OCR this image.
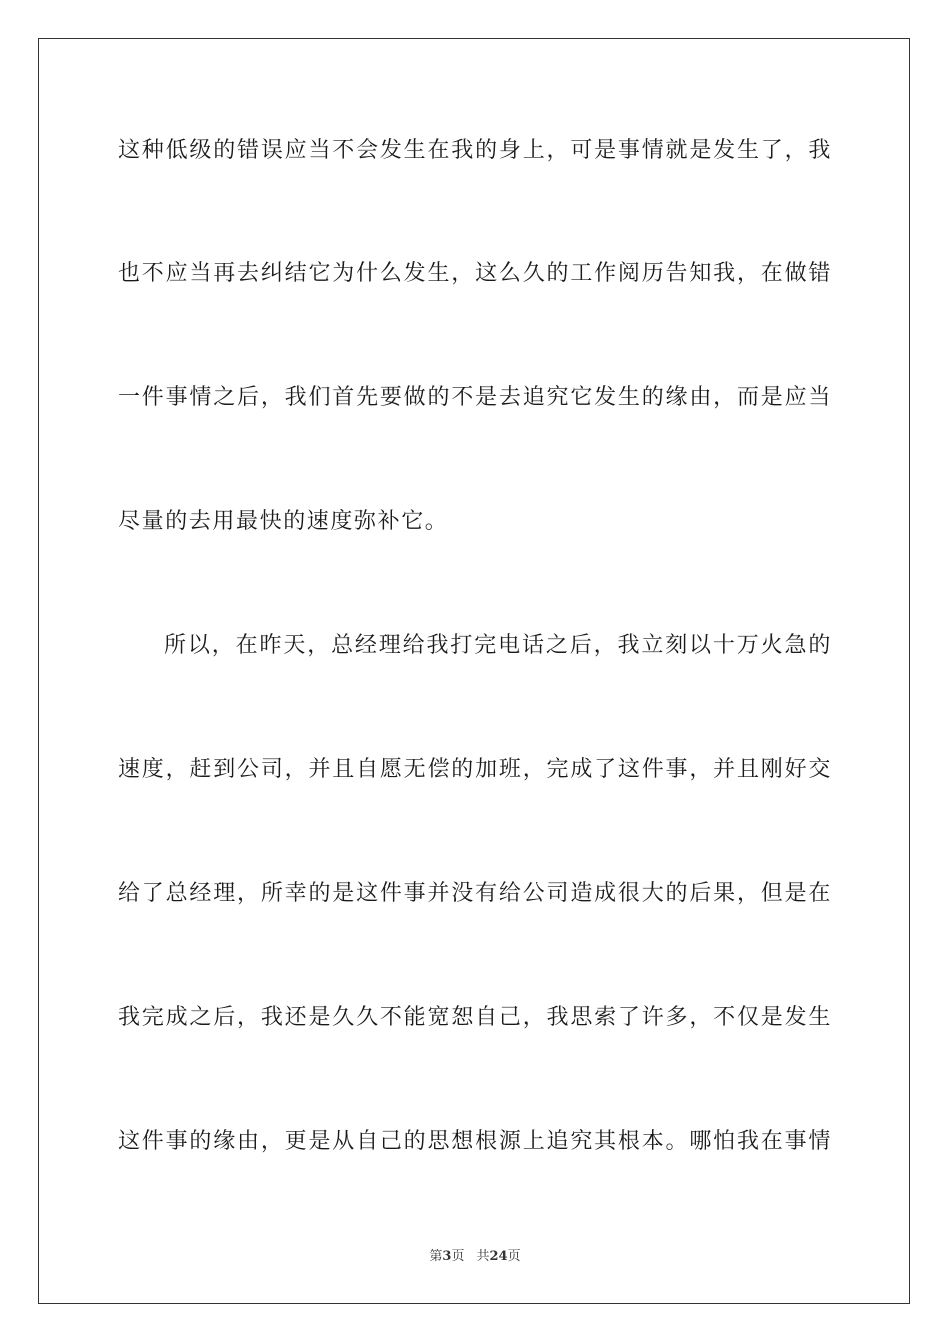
这种低级的错误应当不会发生在我的身上，可是事情就是发生了，我
也不应当再去纠结它为什么发生，这么久的工作阅历告知我，在做错
一件事情之后，我们首先要做的不是去追究它发生的缘由，而是应当
尽量的去用最快的速度弥补它。
所以，在昨天，总经理给我打完电话之后，我立刻以十万火急的
速度，赶到公司，并且自愿无偿的加班，完成了这件事，并且刚好交
给了总经理，所幸的是这件事并没有给公司造成很大的后果，但是在
我完成之后，我还是久久不能宽恕自己，我思索了许多，不仅是发生
这件事的缘由，更是从自己的思想根源上追究其根本。哪怕我在事情
第3页 共24页
